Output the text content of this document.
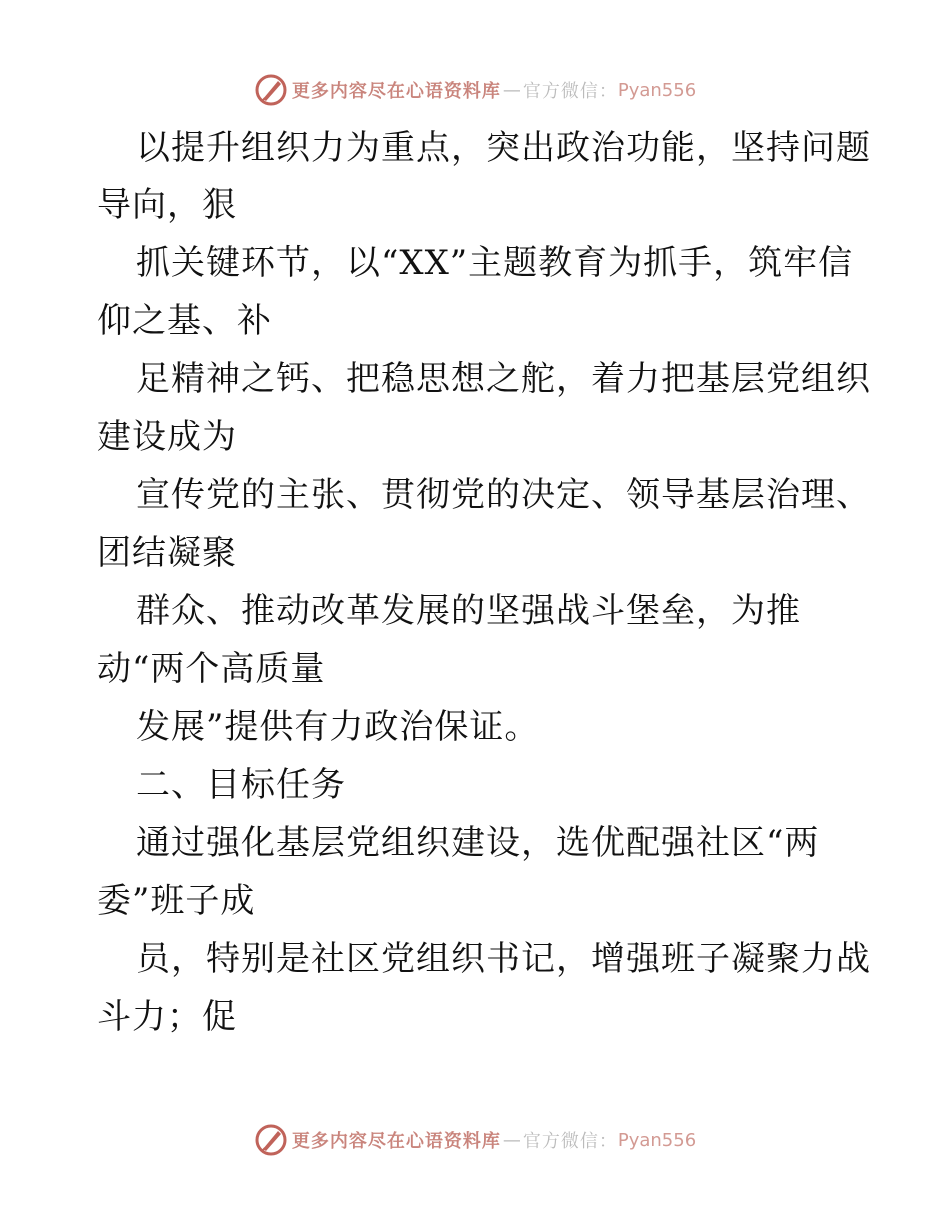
更多内容尽在心语资料库 — 官方微信： Pyan556
以提升组织力为重点，突出政治功能，坚持问题
导向，狠
抓关键环节，以“XX”主题教育为抓手，筑牢信
仰之基、补
足精神之钙、把稳思想之舵，着力把基层党组织
建设成为
宣传党的主张、贯彻党的决定、领导基层治理、
团结凝聚
群众、推动改革发展的坚强战斗堡垒，为推
动“两个高质量
发展”提供有力政治保证。
二、目标任务
通过强化基层党组织建设，选优配强社区“两
委”班子成
员，特别是社区党组织书记，增强班子凝聚力战
斗力；促
更多内容尽在心语资料库 — 官方微信： Pyan556
